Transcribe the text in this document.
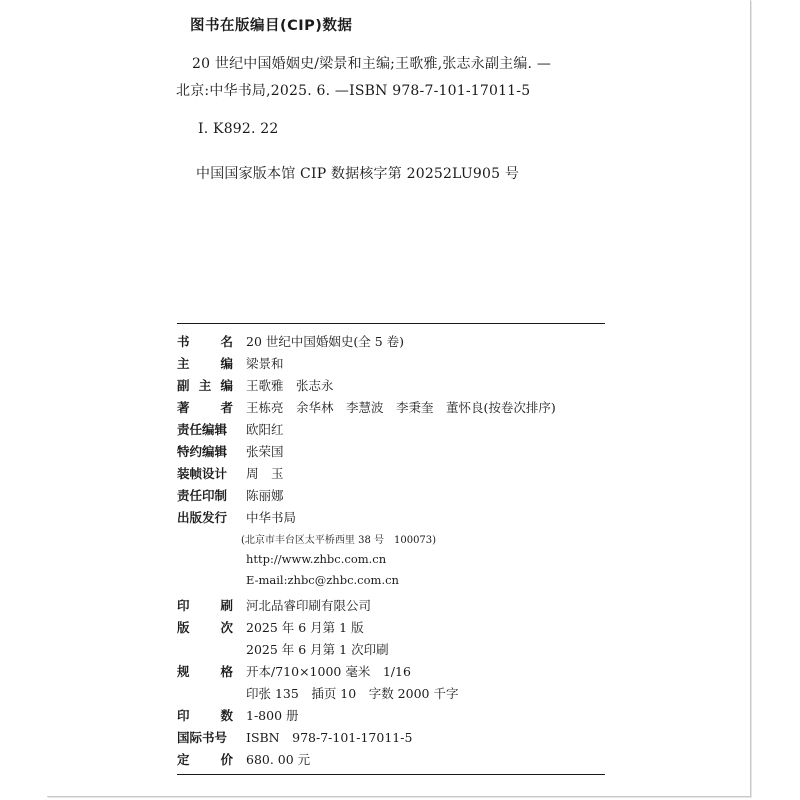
图书在版编目(CIP)数据
20 世纪中国婚姻史/梁景和主编;王歌雅,张志永副主编. —
北京:中华书局,2025. 6. —ISBN 978-7-101-17011-5
Ⅰ. K892. 22
中国国家版本馆 CIP 数据核字第 20252LU905 号
书 名 20 世纪中国婚姻史(全 5 卷)
主 编 梁景和
副 主 编 王歌雅　张志永
著 者 王栋亮　余华林　李慧波　李秉奎　董怀良(按卷次排序)
责任编辑 欧阳红
特约编辑 张荣国
装帧设计 周　玉
责任印制 陈丽娜
出版发行 中华书局
(北京市丰台区太平桥西里 38 号　100073)
http://www.zhbc.com.cn
E-mail:zhbc@zhbc.com.cn
印 刷 河北品睿印刷有限公司
版 次 2025 年 6 月第 1 版
2025 年 6 月第 1 次印刷
规 格 开本/710×1000 毫米　1/16
印张 135　插页 10　字数 2000 千字
印 数 1-800 册
国际书号 ISBN　978-7-101-17011-5
定 价 680. 00 元
